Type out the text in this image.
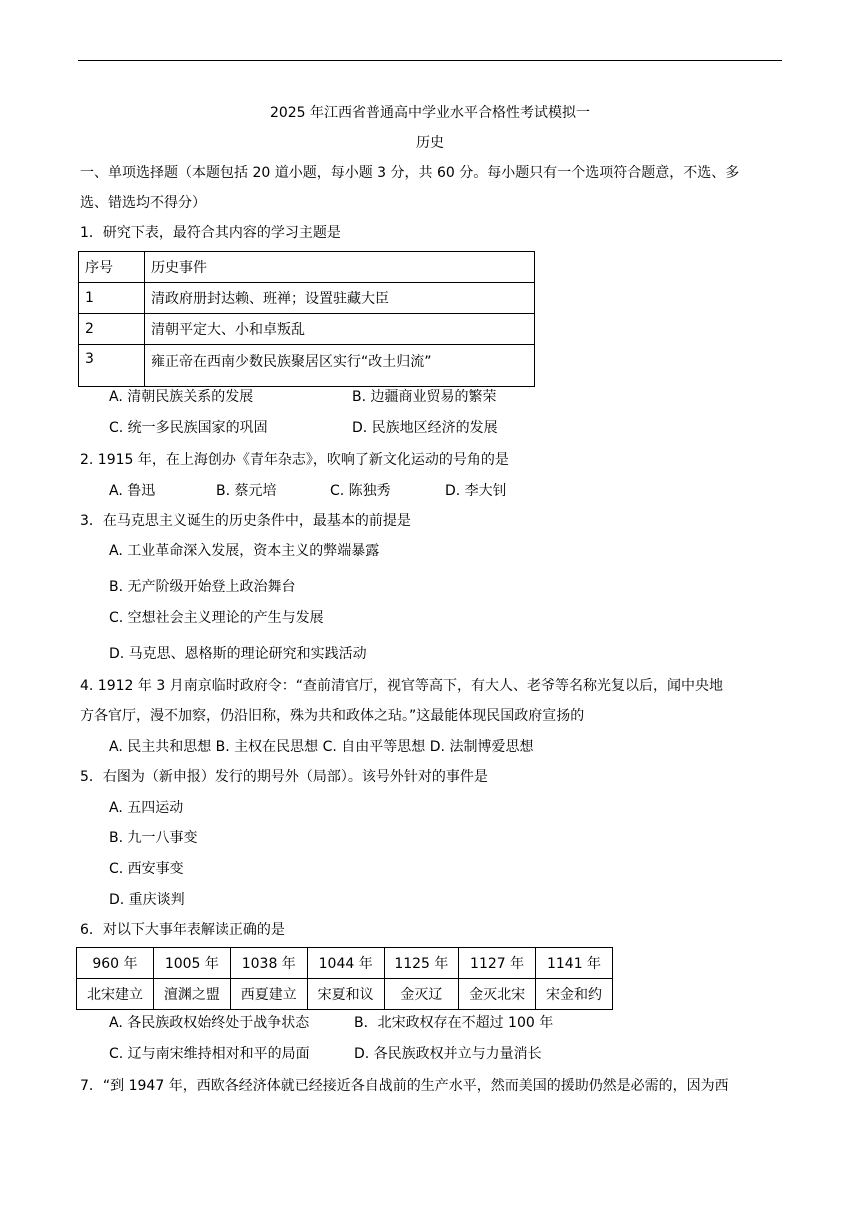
2025 年江西省普通高中学业水平合格性考试模拟一
历史
一、单项选择题（本题包括 20 道小题，每小题 3 分，共 60 分。每小题只有一个选项符合题意，不选、多
选、错选均不得分）
1．研究下表，最符合其内容的学习主题是
序号	历史事件
1	清政府册封达赖、班禅；设置驻藏大臣
2	清朝平定大、小和卓叛乱
3	雍正帝在西南少数民族聚居区实行“改土归流”
A. 清朝民族关系的发展	B. 边疆商业贸易的繁荣
C. 统一多民族国家的巩固	D. 民族地区经济的发展
2. 1915 年，在上海创办《青年杂志》，吹响了新文化运动的号角的是
A. 鲁迅	B. 蔡元培	C. 陈独秀	D. 李大钊
3．在马克思主义诞生的历史条件中，最基本的前提是
A. 工业革命深入发展，资本主义的弊端暴露
B. 无产阶级开始登上政治舞台
C. 空想社会主义理论的产生与发展
D. 马克思、恩格斯的理论研究和实践活动
4. 1912 年 3 月南京临时政府令：“查前清官厅，视官等高下，有大人、老爷等名称光复以后，闻中央地
方各官厅，漫不加察，仍沿旧称，殊为共和政体之玷。”这最能体现民国政府宣扬的
A. 民主共和思想 B. 主权在民思想 C. 自由平等思想 D. 法制博爱思想
5．右图为（新申报）发行的期号外（局部）。该号外针对的事件是
A. 五四运动
B. 九一八事变
C. 西安事变
D. 重庆谈判
6．对以下大事年表解读正确的是
960 年	1005 年	1038 年	1044 年	1125 年	1127 年	1141 年
北宋建立	澶渊之盟	西夏建立	宋夏和议	金灭辽	金灭北宋	宋金和约
A. 各民族政权始终处于战争状态	B．北宋政权存在不超过 100 年
C. 辽与南宋维持相对和平的局面	D. 各民族政权并立与力量消长
7．“到 1947 年，西欧各经济体就已经接近各自战前的生产水平，然而美国的援助仍然是必需的，因为西
